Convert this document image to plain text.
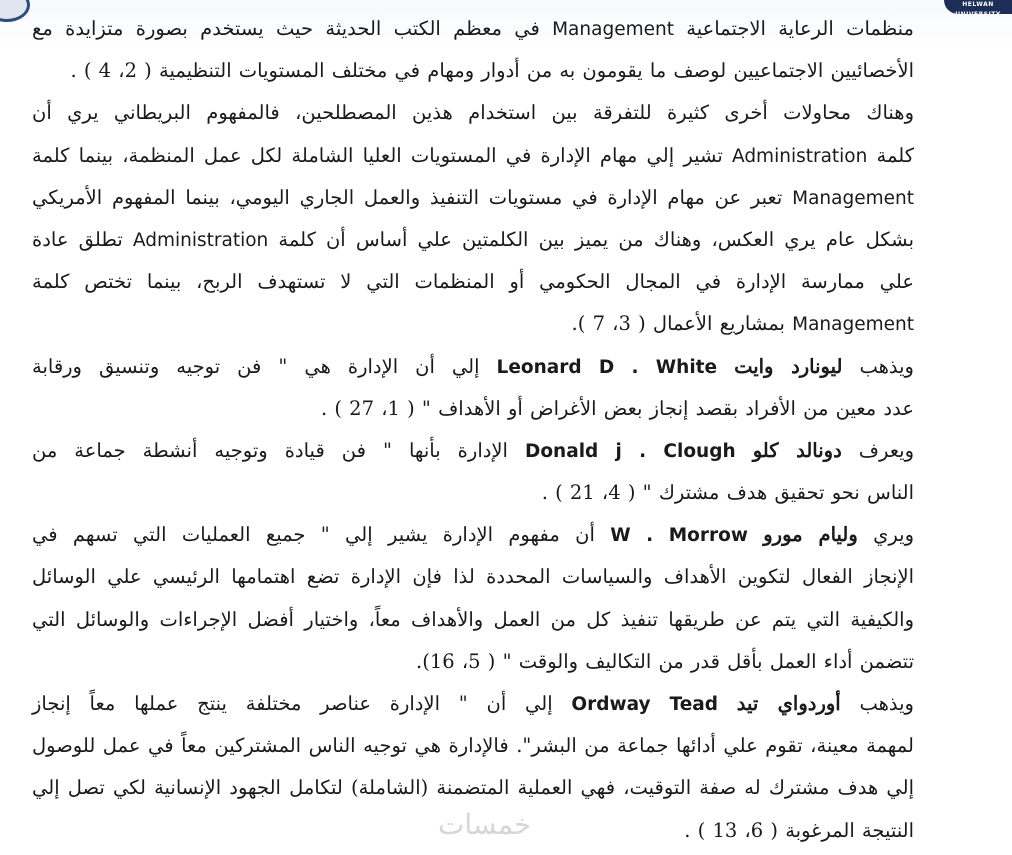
HELWAN UNIVERSITY
منظمات الرعاية الاجتماعية Management في معظم الكتب الحديثة حيث يستخدم بصورة متزايدة مع
الأخصائيين الاجتماعيين لوصف ما يقومون به من أدوار ومهام في مختلف المستويات التنظيمية ( 2، 4 ) .
وهناك محاولات أخرى كثيرة للتفرقة بين استخدام هذين المصطلحين، فالمفهوم البريطاني يري أن
كلمة Administration تشير إلي مهام الإدارة في المستويات العليا الشاملة لكل عمل المنظمة، بينما كلمة
Management تعبر عن مهام الإدارة في مستويات التنفيذ والعمل الجاري اليومي، بينما المفهوم الأمريكي
بشكل عام يري العكس، وهناك من يميز بين الكلمتين علي أساس أن كلمة Administration تطلق عادة
علي ممارسة الإدارة في المجال الحكومي أو المنظمات التي لا تستهدف الربح، بينما تختص كلمة
Management بمشاريع الأعمال ( 3، 7 ).
ويذهب ليونارد وايت Leonard D . White إلي أن الإدارة هي " فن توجيه وتنسيق ورقابة
عدد معين من الأفراد بقصد إنجاز بعض الأغراض أو الأهداف " ( 1، 27 ) .
ويعرف دونالد كلو Donald j . Clough الإدارة بأنها " فن قيادة وتوجيه أنشطة جماعة من
الناس نحو تحقيق هدف مشترك " ( 4، 21 ) .
ويري وليام مورو W . Morrow أن مفهوم الإدارة يشير إلي " جميع العمليات التي تسهم في
الإنجاز الفعال لتكوين الأهداف والسياسات المحددة لذا فإن الإدارة تضع اهتمامها الرئيسي علي الوسائل
والكيفية التي يتم عن طريقها تنفيذ كل من العمل والأهداف معاً، واختيار أفضل الإجراءات والوسائل التي
تتضمن أداء العمل بأقل قدر من التكاليف والوقت " ( 5، 16).
ويذهب أوردواي تيد Ordway Tead إلي أن " الإدارة عناصر مختلفة ينتج عملها معاً إنجاز
لمهمة معينة، تقوم علي أدائها جماعة من البشر". فالإدارة هي توجيه الناس المشتركين معاً في عمل للوصول
إلي هدف مشترك له صفة التوقيت، فهي العملية المتضمنة (الشاملة) لتكامل الجهود الإنسانية لكي تصل إلي
النتيجة المرغوبة ( 6، 13 ) .
خمسات
